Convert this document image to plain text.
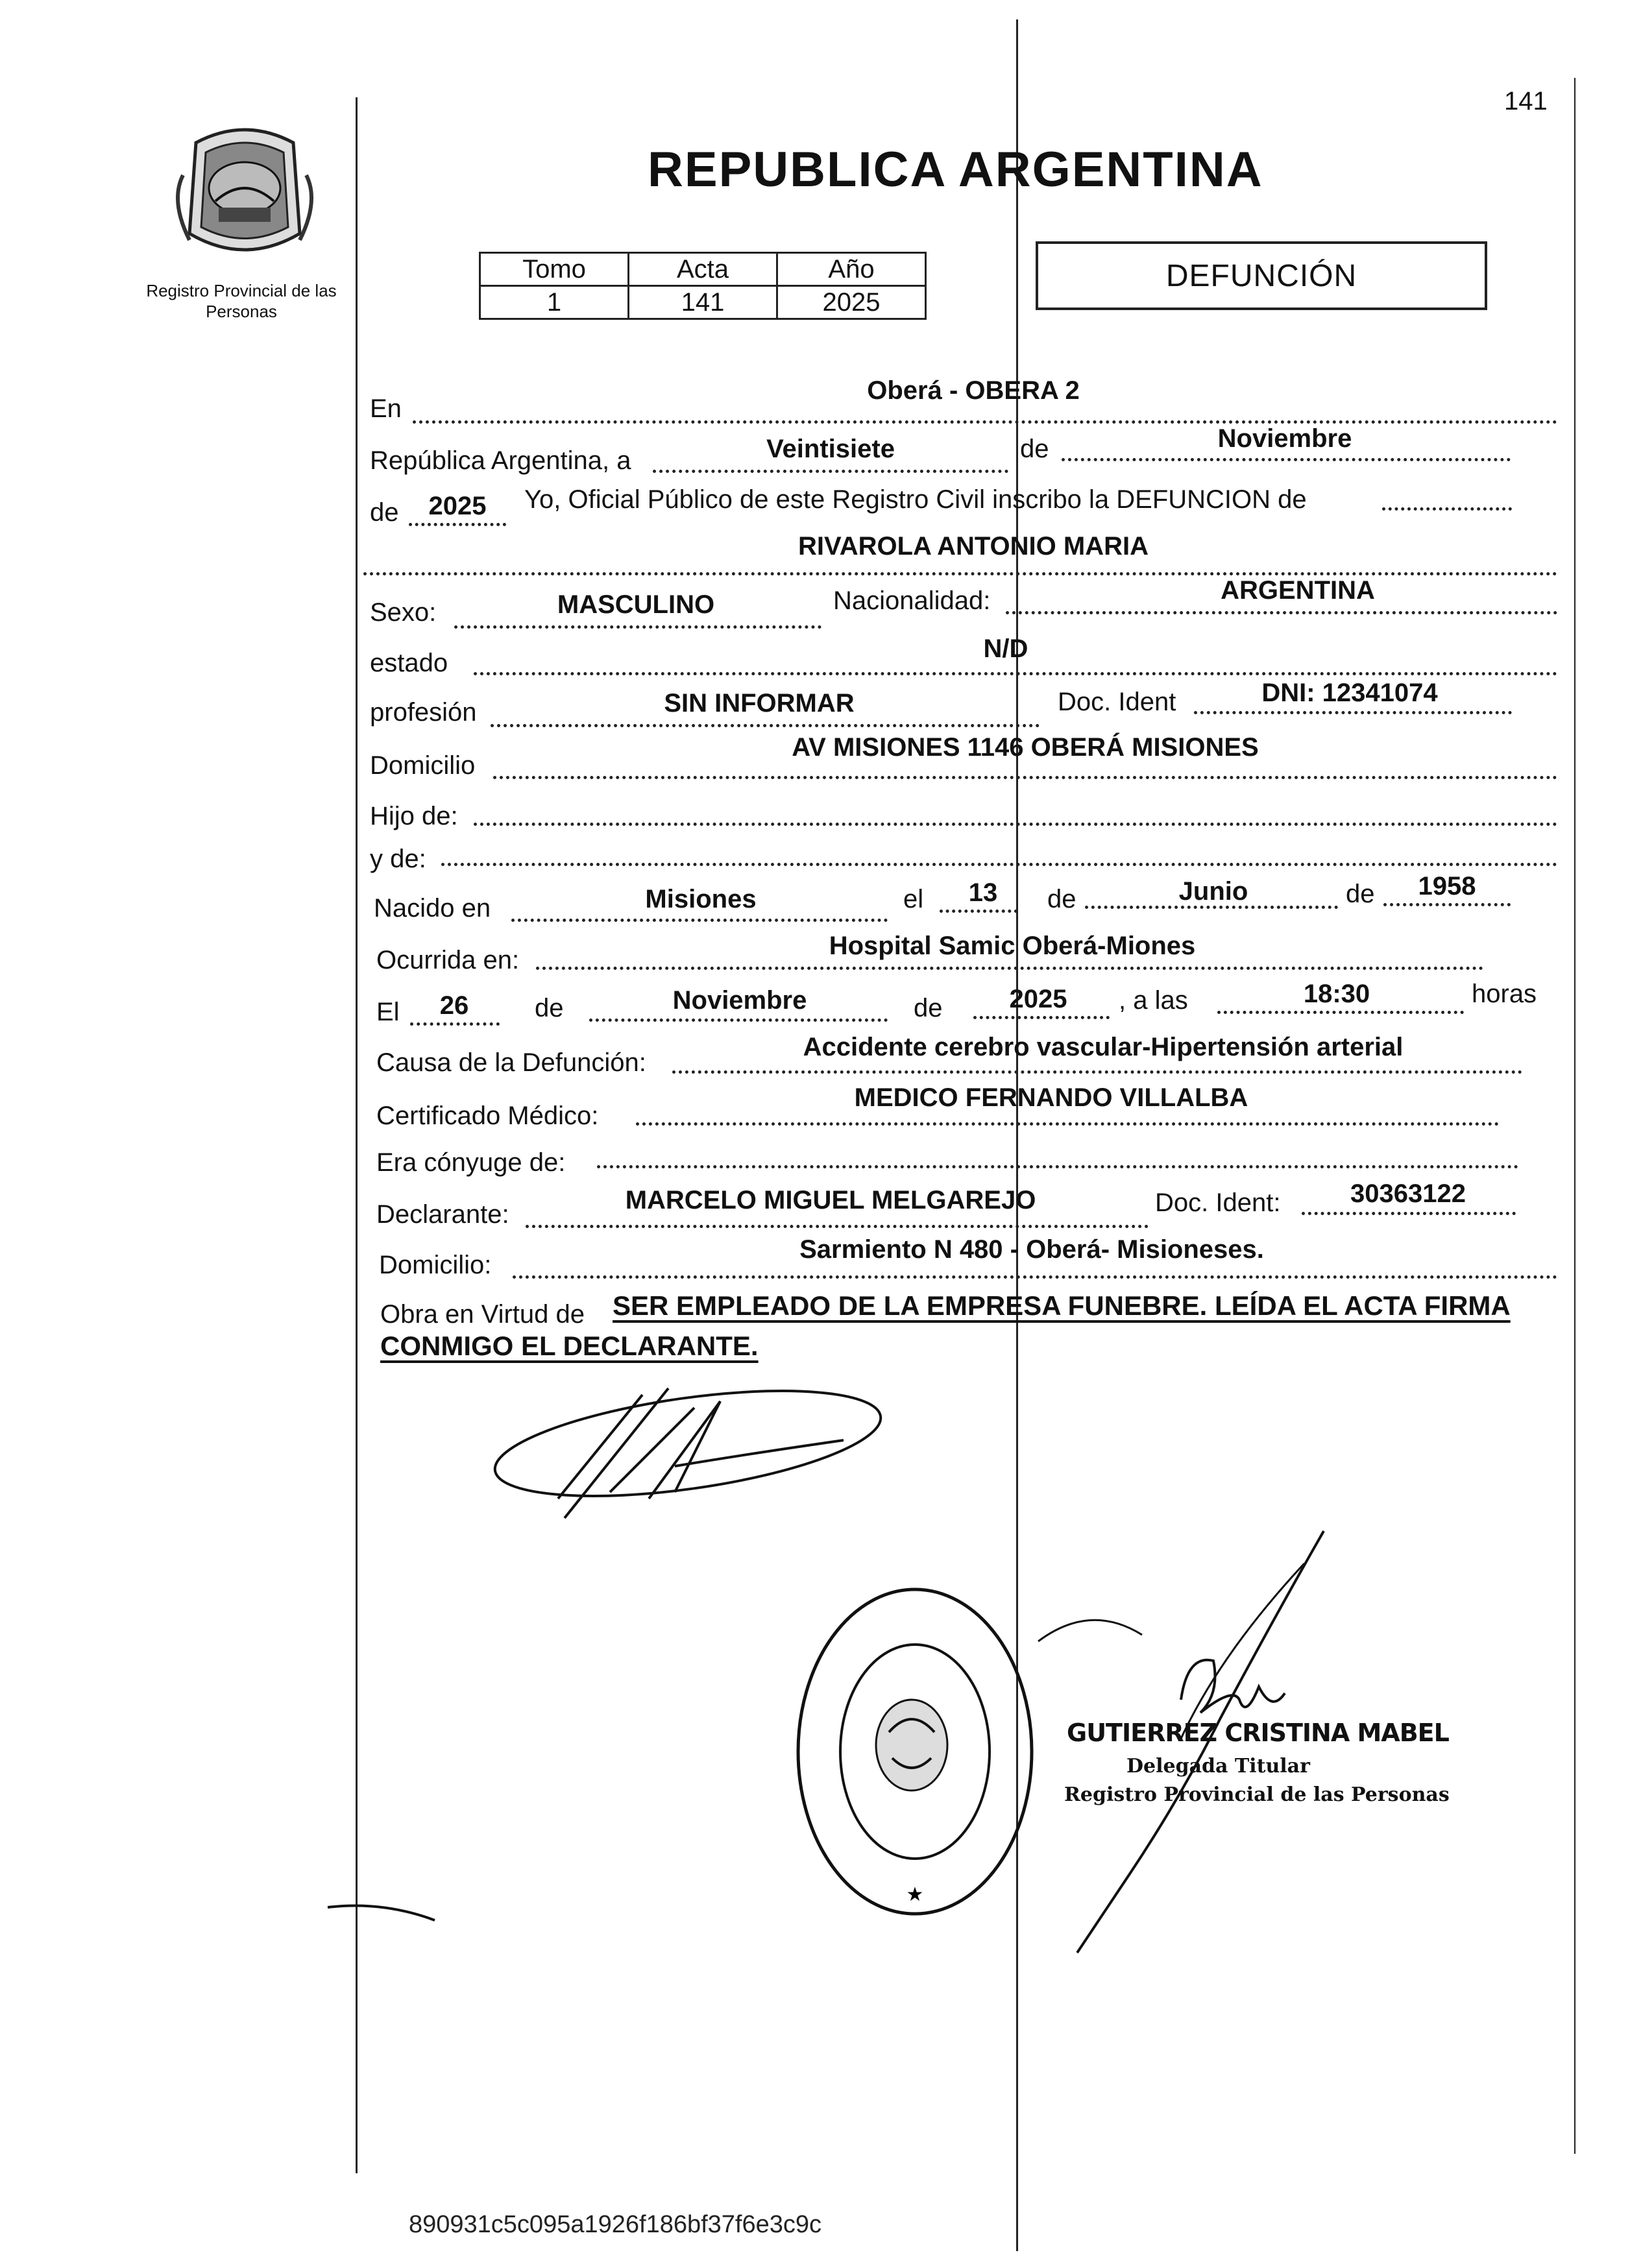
141
Registro Provincial de las Personas
REPUBLICA ARGENTINA
Tomo	Acta	Año
1	141	2025
DEFUNCIÓN
En
Oberá - OBERA 2
República Argentina, a	Veintisiete	de	Noviembre
de	2025	Yo, Oficial Público de este Registro Civil inscribo la DEFUNCION de
RIVAROLA ANTONIO MARIA
Sexo:	MASCULINO	Nacionalidad:	ARGENTINA
estado	N/D
profesión	SIN INFORMAR	Doc. Ident	DNI: 12341074
Domicilio
AV MISIONES 1146 OBERÁ MISIONES
Hijo de:
y de:
Nacido en	Misiones	el	13	de	Junio	de	1958
Ocurrida en:	Hospital Samic Oberá-Miones
El	26	de	Noviembre	de	2025	, a las	18:30	horas
Causa de la Defunción:
Accidente cerebro vascular-Hipertensión arterial
Certificado Médico:
MEDICO FERNANDO VILLALBA
Era cónyuge de:
Declarante:	MARCELO MIGUEL MELGAREJO	Doc. Ident:	30363122
Domicilio:
Sarmiento N 480 - Oberá- Misioneses.
Obra en Virtud de SER EMPLEADO DE LA EMPRESA FUNEBRE. LEÍDA EL ACTA FIRMA
CONMIGO EL DECLARANTE.
★
GUTIERREZ CRISTINA MABEL
Delegada Titular
Registro Provincial de las Personas
890931c5c095a1926f186bf37f6e3c9c
